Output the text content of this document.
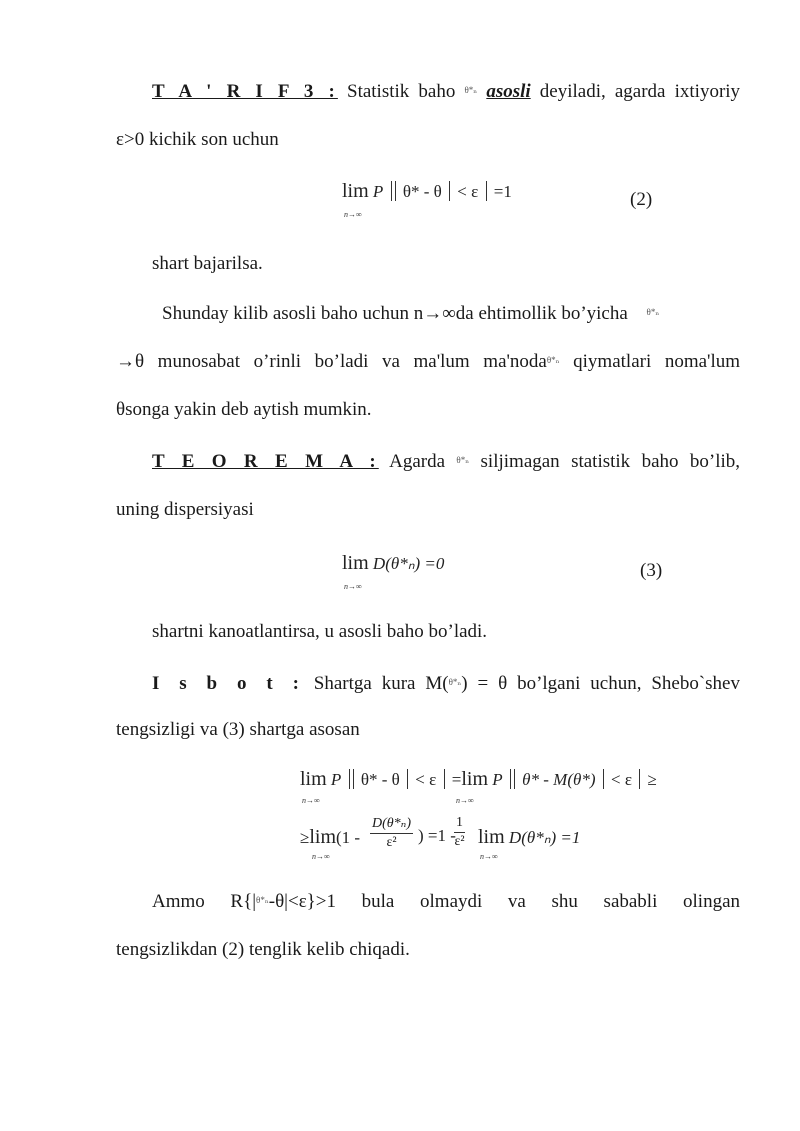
T A ' R I F 3 : Statistik baho $^{\theta*_n}$ asosli deyiladi, agarda ixtiyoriy
ε>0 kichik son uchun
lim P θ* - θ < ε =1
n→∞
(2)
shart bajarilsa.
Shunday kilib asosli baho uchun n→∞da ehtimollik bo’yicha $^{\theta*_n}$
→θ munosabat o’rinli bo’ladi va ma'lum ma'noda$^{\theta*_n}$ qiymatlari noma'lum
θsonga yakin deb aytish mumkin.
T E O R E M A : Agarda $^{\theta*_n}$ siljimagan statistik baho bo’lib,
uning dispersiyasi
lim D(θ*ₙ) =0
n→∞
(3)
shartni kanoatlantirsa, u asosli baho bo’ladi.
I s b o t : Shartga kura M($^{\theta*_n}$) = θ bo’lgani uchun, Shebo`shev
tengsizligi va (3) shartga asosan
lim P θ* - θ < ε =lim P θ* - M(θ*) < ε ≥
n→∞	n→∞
≥lim(1 -
n→∞
$\frac{\text{D(θ*ₙ)}}{\text{ε²}}$ ) =1 -
$\frac{1}{\text{ε²}}$ lim D(θ*ₙ) =1
n→∞
Ammo $R\{|^{\theta*_n}-\theta|<\varepsilon\}>1$ bula olmaydi va shu sababli olingan
tengsizlikdan (2) tenglik kelib chiqadi.
